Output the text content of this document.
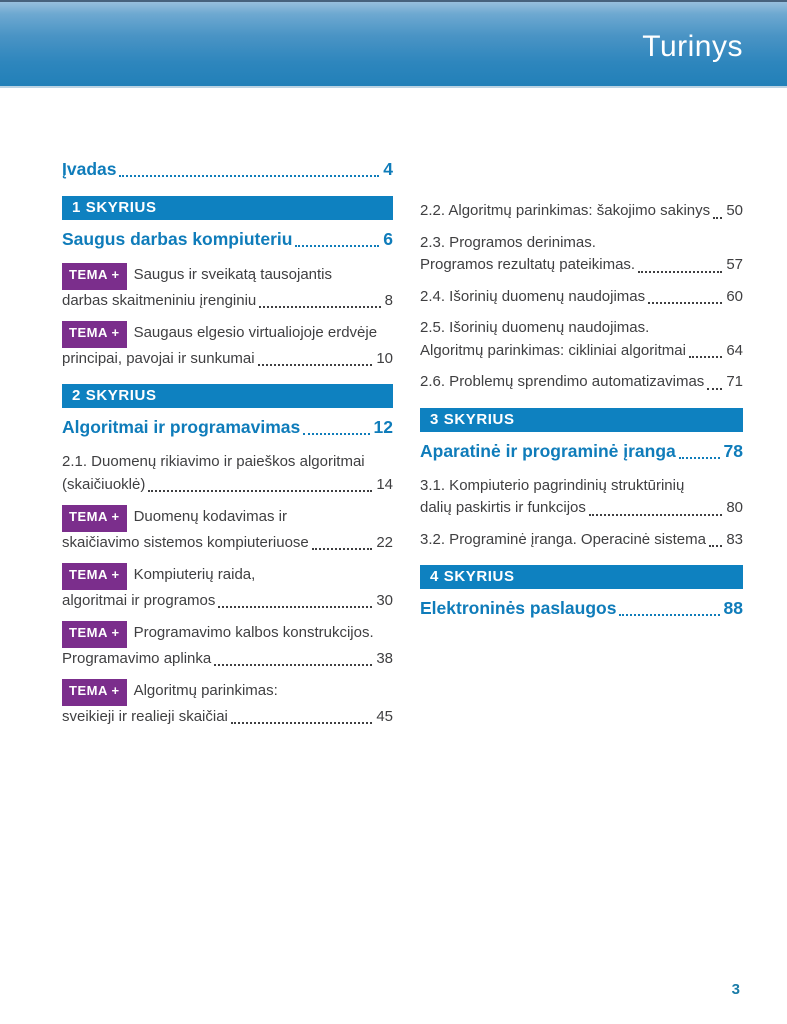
Turinys
Įvadas	4
1 SKYRIUS
Saugus darbas kompiuteriu	6
TEMA + Saugus ir sveikatą tausojantis
darbas skaitmeniniu įrenginiu	8
TEMA + Saugaus elgesio virtualiojoje erdvėje
principai, pavojai ir sunkumai	10
2 SKYRIUS
Algoritmai ir programavimas	12
2.1. Duomenų rikiavimo ir paieškos algoritmai
(skaičiuoklė)	14
TEMA + Duomenų kodavimas ir
skaičiavimo sistemos kompiuteriuose	22
TEMA + Kompiuterių raida,
algoritmai ir programos	30
TEMA + Programavimo kalbos konstrukcijos.
Programavimo aplinka	38
TEMA + Algoritmų parinkimas:
sveikieji ir realieji skaičiai	45
2.2. Algoritmų parinkimas: šakojimo sakinys 50
2.3. Programos derinimas.
Programos rezultatų pateikimas.	57
2.4. Išorinių duomenų naudojimas	60
2.5. Išorinių duomenų naudojimas.
Algoritmų parinkimas: cikliniai algoritmai	64
2.6. Problemų sprendimo automatizavimas 71
3 SKYRIUS
Aparatinė ir programinė įranga	78
3.1. Kompiuterio pagrindinių struktūrinių
dalių paskirtis ir funkcijos	80
3.2. Programinė įranga. Operacinė sistema 83
4 SKYRIUS
Elektroninės paslaugos	88
3
